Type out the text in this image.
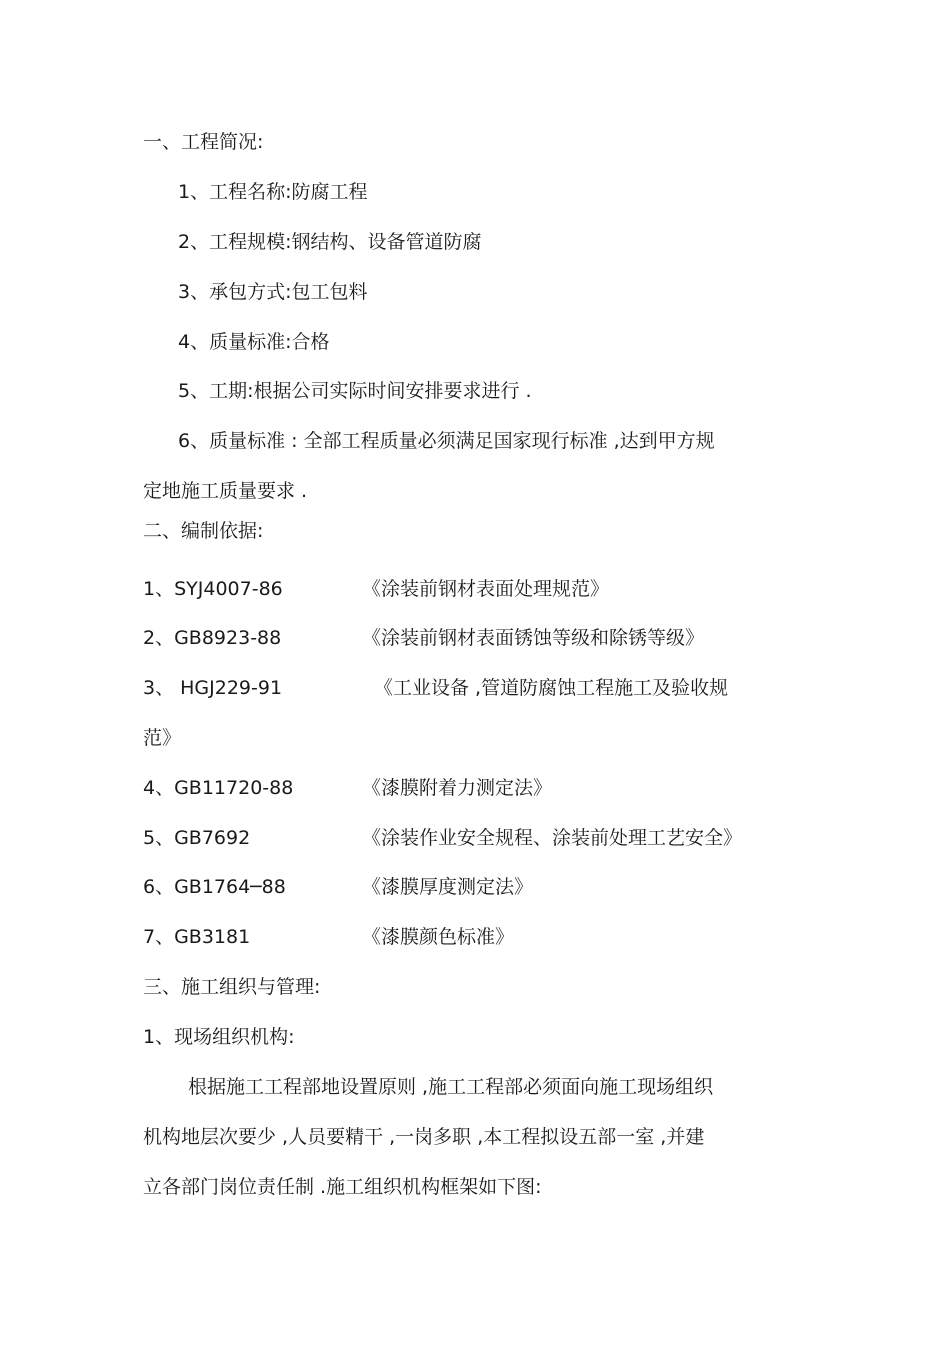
一、工程简况:
1、工程名称:防腐工程
2、工程规模:钢结构、设备管道防腐
3、承包方式:包工包料
4、质量标准:合格
5、工期:根据公司实际时间安排要求进行 .
6、质量标准 : 全部工程质量必须满足国家现行标准 ,达到甲方规
定地施工质量要求 .
二、编制依据:
1、SYJ4007-86	《涂装前钢材表面处理规范》
2、GB8923-88	《涂装前钢材表面锈蚀等级和除锈等级》
3、 HGJ229-91	《工业设备 ,管道防腐蚀工程施工及验收规
范》
4、GB11720-88	《漆膜附着力测定法》
5、GB7692	《涂装作业安全规程、涂装前处理工艺安全》
6、GB1764─88	《漆膜厚度测定法》
7、GB3181	《漆膜颜色标准》
三、施工组织与管理:
1、现场组织机构:
根据施工工程部地设置原则 ,施工工程部必须面向施工现场组织
机构地层次要少 ,人员要精干 ,一岗多职 ,本工程拟设五部一室 ,并建
立各部门岗位责任制 .施工组织机构框架如下图:
